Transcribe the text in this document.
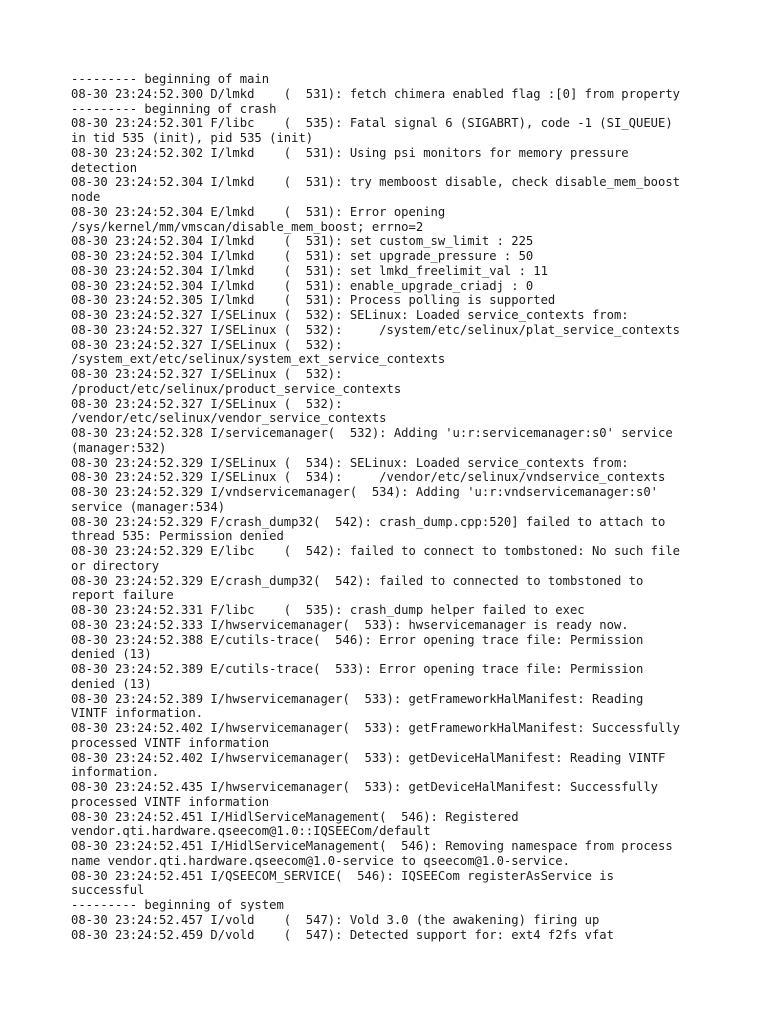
--------- beginning of main
08-30 23:24:52.300 D/lmkd    (  531): fetch chimera enabled flag :[0] from property
--------- beginning of crash
08-30 23:24:52.301 F/libc    (  535): Fatal signal 6 (SIGABRT), code -1 (SI_QUEUE)
in tid 535 (init), pid 535 (init)
08-30 23:24:52.302 I/lmkd    (  531): Using psi monitors for memory pressure
detection
08-30 23:24:52.304 I/lmkd    (  531): try memboost disable, check disable_mem_boost
node
08-30 23:24:52.304 E/lmkd    (  531): Error opening
/sys/kernel/mm/vmscan/disable_mem_boost; errno=2
08-30 23:24:52.304 I/lmkd    (  531): set custom_sw_limit : 225
08-30 23:24:52.304 I/lmkd    (  531): set upgrade_pressure : 50
08-30 23:24:52.304 I/lmkd    (  531): set lmkd_freelimit_val : 11
08-30 23:24:52.304 I/lmkd    (  531): enable_upgrade_criadj : 0
08-30 23:24:52.305 I/lmkd    (  531): Process polling is supported
08-30 23:24:52.327 I/SELinux (  532): SELinux: Loaded service_contexts from:
08-30 23:24:52.327 I/SELinux (  532):     /system/etc/selinux/plat_service_contexts
08-30 23:24:52.327 I/SELinux (  532):
/system_ext/etc/selinux/system_ext_service_contexts
08-30 23:24:52.327 I/SELinux (  532):
/product/etc/selinux/product_service_contexts
08-30 23:24:52.327 I/SELinux (  532):
/vendor/etc/selinux/vendor_service_contexts
08-30 23:24:52.328 I/servicemanager(  532): Adding 'u:r:servicemanager:s0' service
(manager:532)
08-30 23:24:52.329 I/SELinux (  534): SELinux: Loaded service_contexts from:
08-30 23:24:52.329 I/SELinux (  534):     /vendor/etc/selinux/vndservice_contexts
08-30 23:24:52.329 I/vndservicemanager(  534): Adding 'u:r:vndservicemanager:s0'
service (manager:534)
08-30 23:24:52.329 F/crash_dump32(  542): crash_dump.cpp:520] failed to attach to
thread 535: Permission denied
08-30 23:24:52.329 E/libc    (  542): failed to connect to tombstoned: No such file
or directory
08-30 23:24:52.329 E/crash_dump32(  542): failed to connected to tombstoned to
report failure
08-30 23:24:52.331 F/libc    (  535): crash_dump helper failed to exec
08-30 23:24:52.333 I/hwservicemanager(  533): hwservicemanager is ready now.
08-30 23:24:52.388 E/cutils-trace(  546): Error opening trace file: Permission
denied (13)
08-30 23:24:52.389 E/cutils-trace(  533): Error opening trace file: Permission
denied (13)
08-30 23:24:52.389 I/hwservicemanager(  533): getFrameworkHalManifest: Reading
VINTF information.
08-30 23:24:52.402 I/hwservicemanager(  533): getFrameworkHalManifest: Successfully
processed VINTF information
08-30 23:24:52.402 I/hwservicemanager(  533): getDeviceHalManifest: Reading VINTF
information.
08-30 23:24:52.435 I/hwservicemanager(  533): getDeviceHalManifest: Successfully
processed VINTF information
08-30 23:24:52.451 I/HidlServiceManagement(  546): Registered
vendor.qti.hardware.qseecom@1.0::IQSEECom/default
08-30 23:24:52.451 I/HidlServiceManagement(  546): Removing namespace from process
name vendor.qti.hardware.qseecom@1.0-service to qseecom@1.0-service.
08-30 23:24:52.451 I/QSEECOM_SERVICE(  546): IQSEECom registerAsService is
successful
--------- beginning of system
08-30 23:24:52.457 I/vold    (  547): Vold 3.0 (the awakening) firing up
08-30 23:24:52.459 D/vold    (  547): Detected support for: ext4 f2fs vfat
